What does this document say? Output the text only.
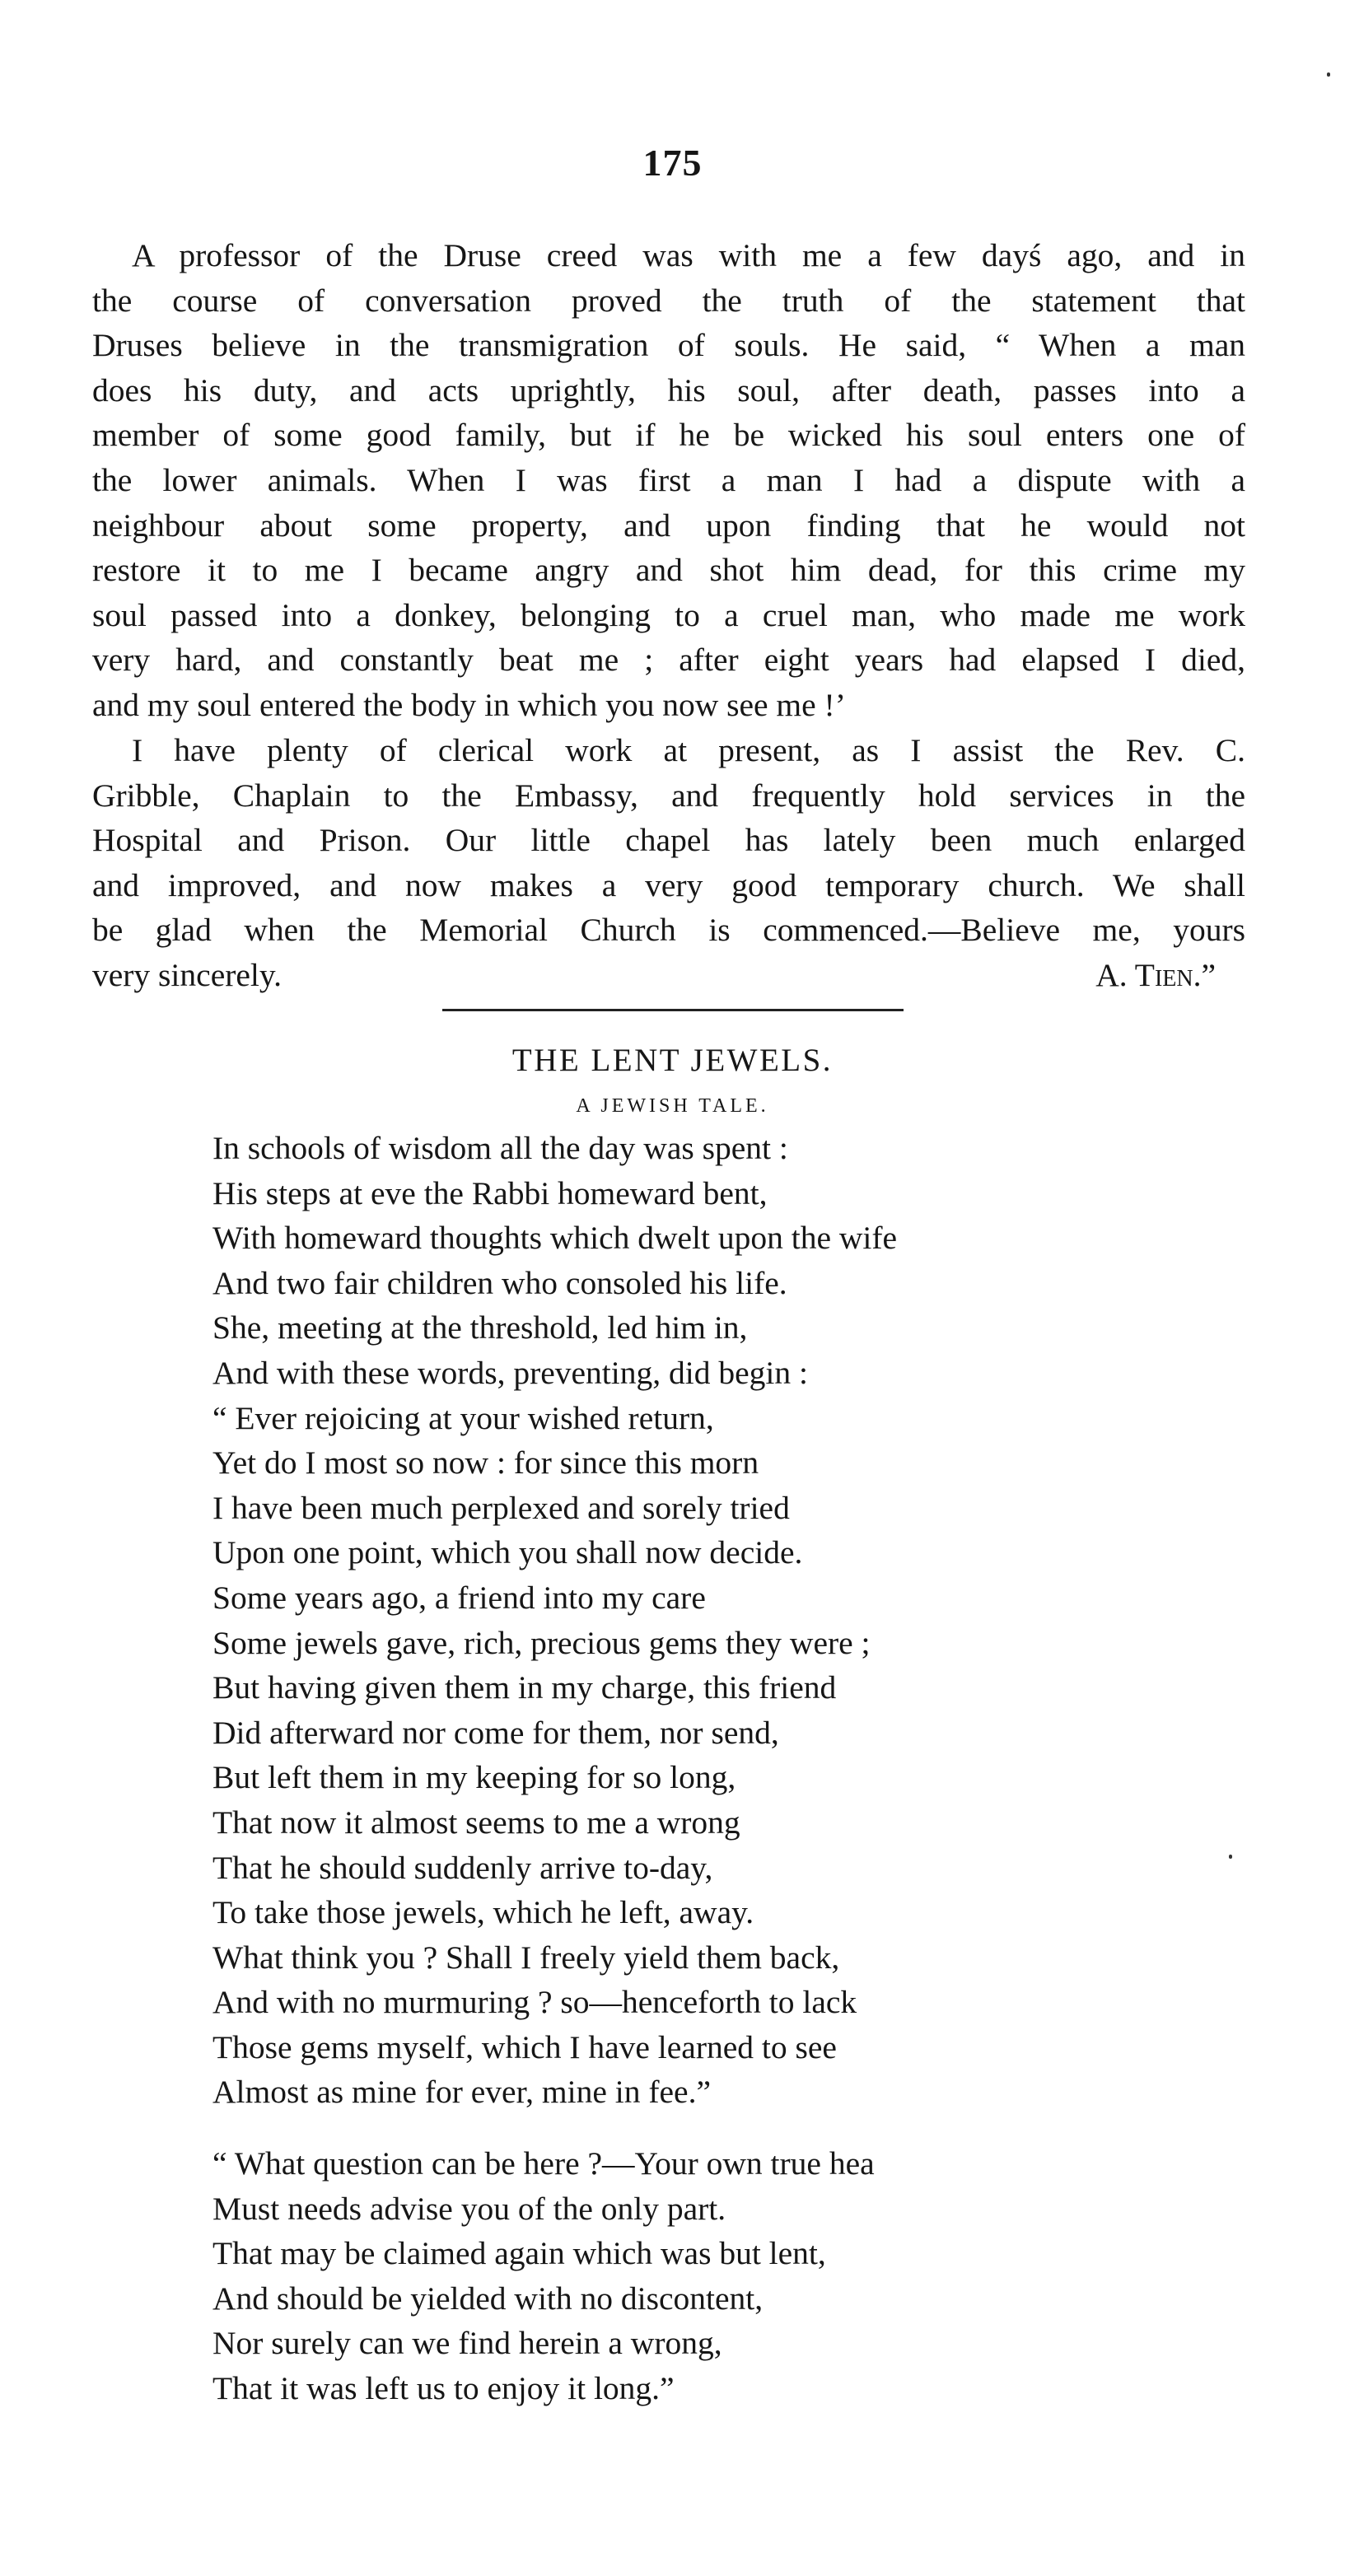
175
A professor of the Druse creed was with me a few dayś ago, and in
the course of conversation proved the truth of the statement that
Druses believe in the transmigration of souls. He said, “ When a man
does his duty, and acts uprightly, his soul, after death, passes into a
member of some good family, but if he be wicked his soul enters one of
the lower animals. When I was first a man I had a dispute with a
neighbour about some property, and upon finding that he would not
restore it to me I became angry and shot him dead, for this crime my
soul passed into a donkey, belonging to a cruel man, who made me work
very hard, and constantly beat me ; after eight years had elapsed I died,
and my soul entered the body in which you now see me !’
I have plenty of clerical work at present, as I assist the Rev. C.
Gribble, Chaplain to the Embassy, and frequently hold services in the
Hospital and Prison. Our little chapel has lately been much enlarged
and improved, and now makes a very good temporary church. We shall
be glad when the Memorial Church is commenced.—Believe me, yours
very sincerely.	A. Tien.”
THE LENT JEWELS.
A JEWISH TALE.
In schools of wisdom all the day was spent :
His steps at eve the Rabbi homeward bent,
With homeward thoughts which dwelt upon the wife
And two fair children who consoled his life.
She, meeting at the threshold, led him in,
And with these words, preventing, did begin :
“ Ever rejoicing at your wished return,
Yet do I most so now : for since this morn
I have been much perplexed and sorely tried
Upon one point, which you shall now decide.
Some years ago, a friend into my care
Some jewels gave, rich, precious gems they were ;
But having given them in my charge, this friend
Did afterward nor come for them, nor send,
But left them in my keeping for so long,
That now it almost seems to me a wrong
That he should suddenly arrive to-day,
To take those jewels, which he left, away.
What think you ? Shall I freely yield them back,
And with no murmuring ? so—henceforth to lack
Those gems myself, which I have learned to see
Almost as mine for ever, mine in fee.”
“ What question can be here ?—Your own true hea
Must needs advise you of the only part.
That may be claimed again which was but lent,
And should be yielded with no discontent,
Nor surely can we find herein a wrong,
That it was left us to enjoy it long.”
